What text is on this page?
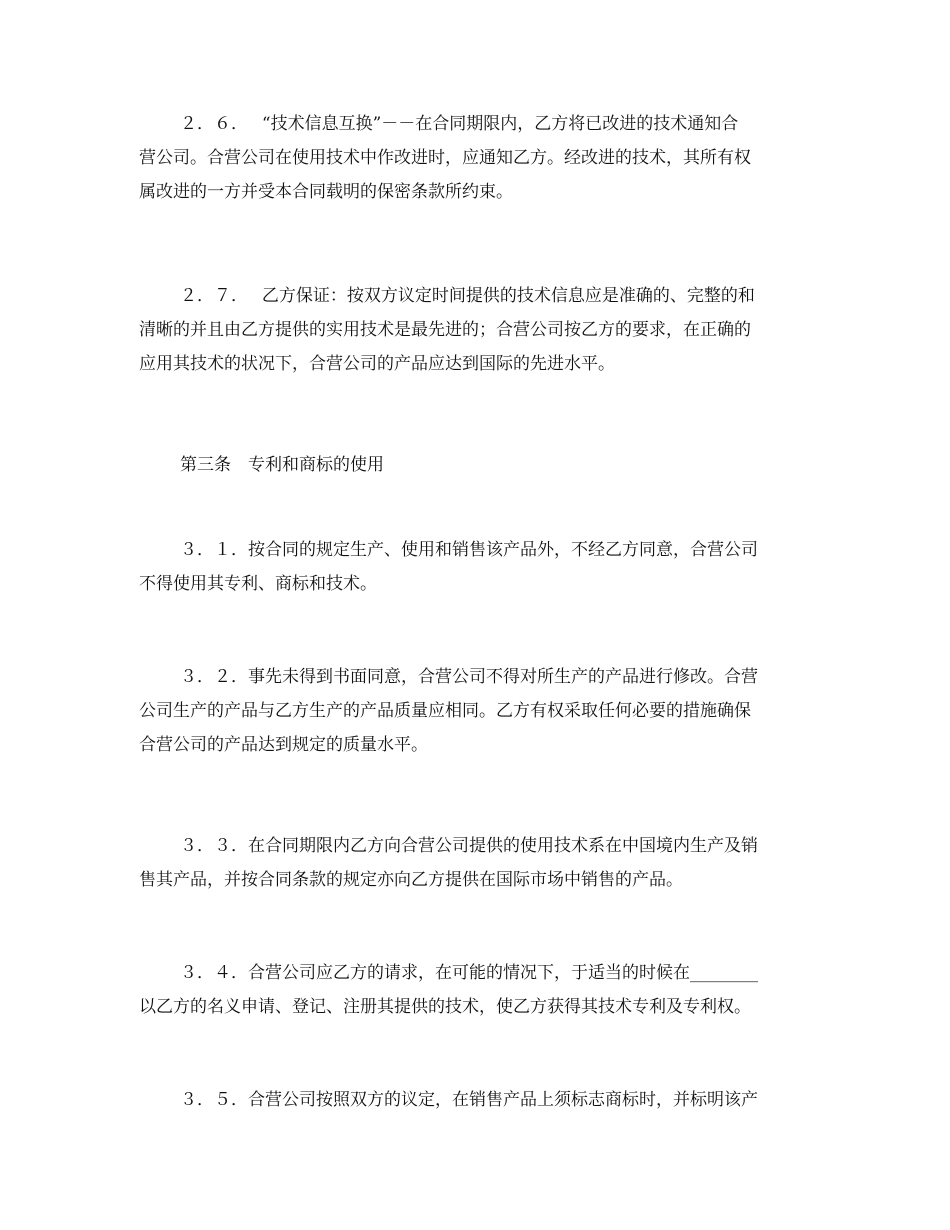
２．６．　 “技术信息互换”－－在合同期限内，乙方将已改进的技术通知合
营公司。合营公司在使用技术中作改进时，应通知乙方。经改进的技术，其所有权
属改进的一方并受本合同载明的保密条款所约束。
２．７．　 乙方保证：按双方议定时间提供的技术信息应是准确的、完整的和
清晰的并且由乙方提供的实用技术是最先进的；合营公司按乙方的要求，在正确的
应用其技术的状况下，合营公司的产品应达到国际的先进水平。
第三条　专利和商标的使用
３．１．按合同的规定生产、使用和销售该产品外，不经乙方同意，合营公司
不得使用其专利、商标和技术。
３．２．事先未得到书面同意，合营公司不得对所生产的产品进行修改。合营
公司生产的产品与乙方生产的产品质量应相同。乙方有权采取任何必要的措施确保
合营公司的产品达到规定的质量水平。
３．３．在合同期限内乙方向合营公司提供的使用技术系在中国境内生产及销
售其产品，并按合同条款的规定亦向乙方提供在国际市场中销售的产品。
３．４．合营公司应乙方的请求，在可能的情况下，于适当的时候在________
以乙方的名义申请、登记、注册其提供的技术，使乙方获得其技术专利及专利权。
３．５．合营公司按照双方的议定，在销售产品上须标志商标时，并标明该产
